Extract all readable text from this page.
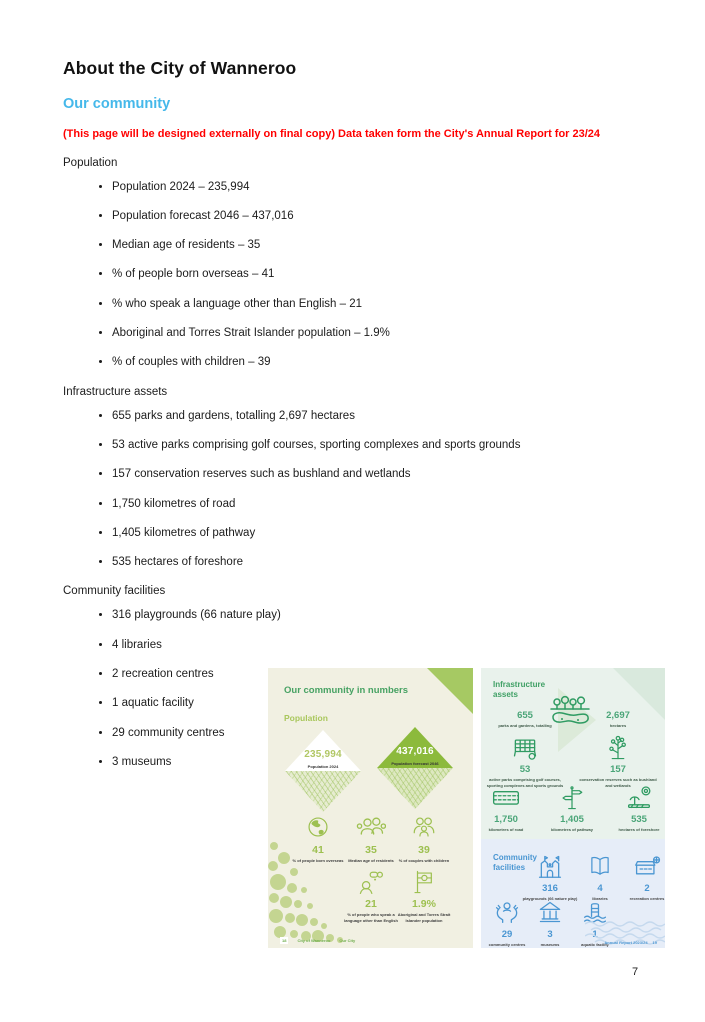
About the City of Wanneroo
Our community

(This page will be designed externally on final copy) Data taken form the City's Annual Report for 23/24

Population

• Population 2024 – 235,994
• Population forecast 2046 – 437,016
• Median age of residents – 35
• % of people born overseas – 41
• % who speak a language other than English – 21
• Aboriginal and Torres Strait Islander population – 1.9%
• % of couples with children – 39

Infrastructure assets

• 655 parks and gardens, totalling 2,697 hectares
• 53 active parks comprising golf courses, sporting complexes and sports grounds
• 157 conservation reserves such as bushland and wetlands
• 1,750 kilometres of road
• 1,405 kilometres of pathway
• 535 hectares of foreshore

Community facilities

• 316 playgrounds (66 nature play)
• 4 libraries
• 2 recreation centres
• 1 aquatic facility
• 29 community centres
• 3 museums
Our community in numbers
Population
235,994
Population 2024
437,016
Population forecast 2046
41
% of people born overseas
35
Median age of residents
39
% of couples with children
21
% of people who speak a language other than English
1.9%
Aboriginal and Torres Strait Islander population
18	City of Wanneroo Our City
Infrastructure assets
655
parks and gardens, totalling
2,697
hectares
53
active parks comprising golf courses, sporting complexes and sports grounds
157
conservation reserves such as bushland and wetlands
1,750
kilometres of road
1,405
kilometres of pathway
535
hectares of foreshore
Community facilities
316
playgrounds (66 nature play)
4
libraries
2
recreation centres
29
community centres
3
museums
1
aquatic facility
Annual Report 2023/24 19
7
